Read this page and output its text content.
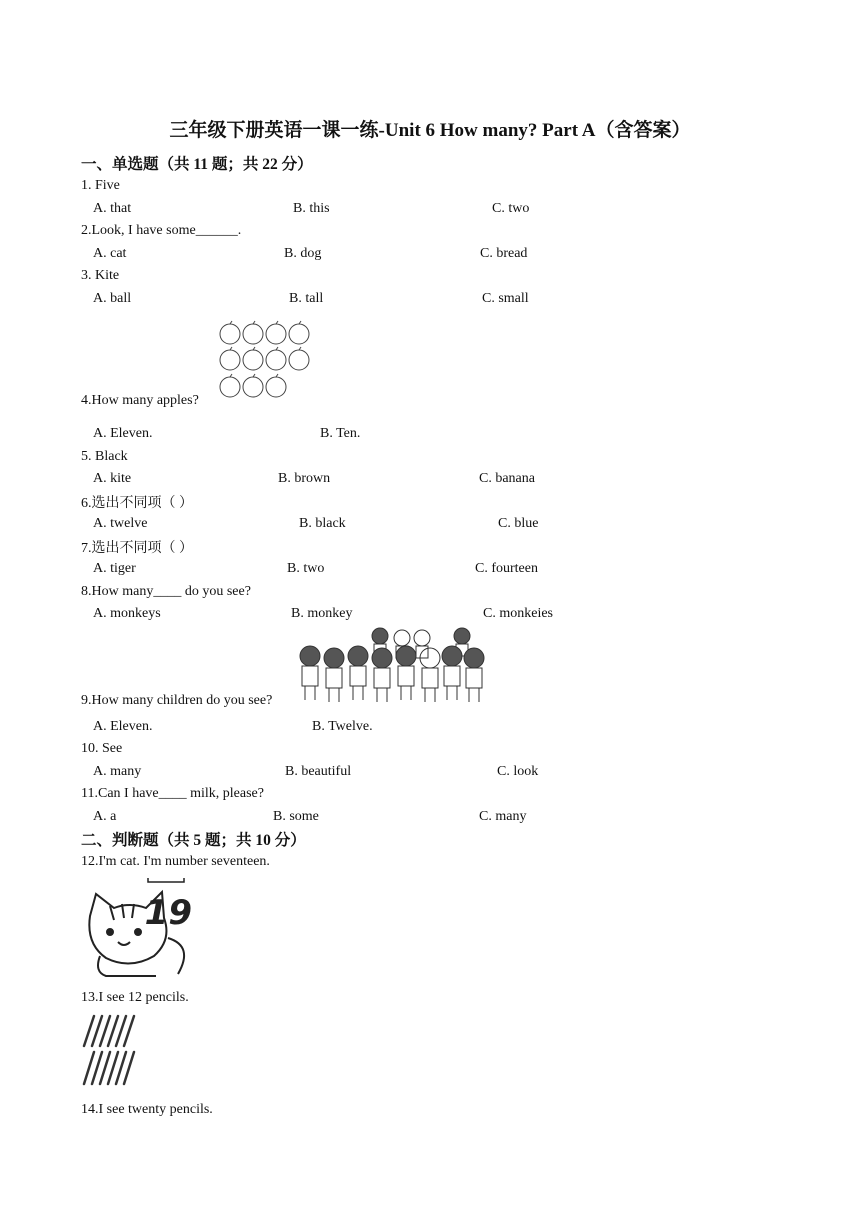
三年级下册英语一课一练-Unit 6 How many? Part A（含答案）
一、单选题（共 11 题；共 22 分）
1. Five
A. that	B. this	C. two
2.Look, I have some______.
A. cat	B. dog	C. bread
3. Kite
A. ball	B. tall	C. small
4.How many apples?
A. Eleven.	B. Ten.
5. Black
A. kite	B. brown	C. banana
6.选出不同项（ ）
A. twelve	B. black	C. blue
7.选出不同项（ ）
A. tiger	B. two	C. fourteen
8.How many____ do you see?
A. monkeys	B. monkey	C. monkeies
9.How many children do you see?
A. Eleven.	B. Twelve.
10. See
A. many	B. beautiful	C. look
11.Can I have____ milk, please?
A. a	B. some	C. many
二、判断题（共 5 题；共 10 分）
12.I'm cat. I'm number seventeen.
19
13.I see 12 pencils.
14.I see twenty pencils.
